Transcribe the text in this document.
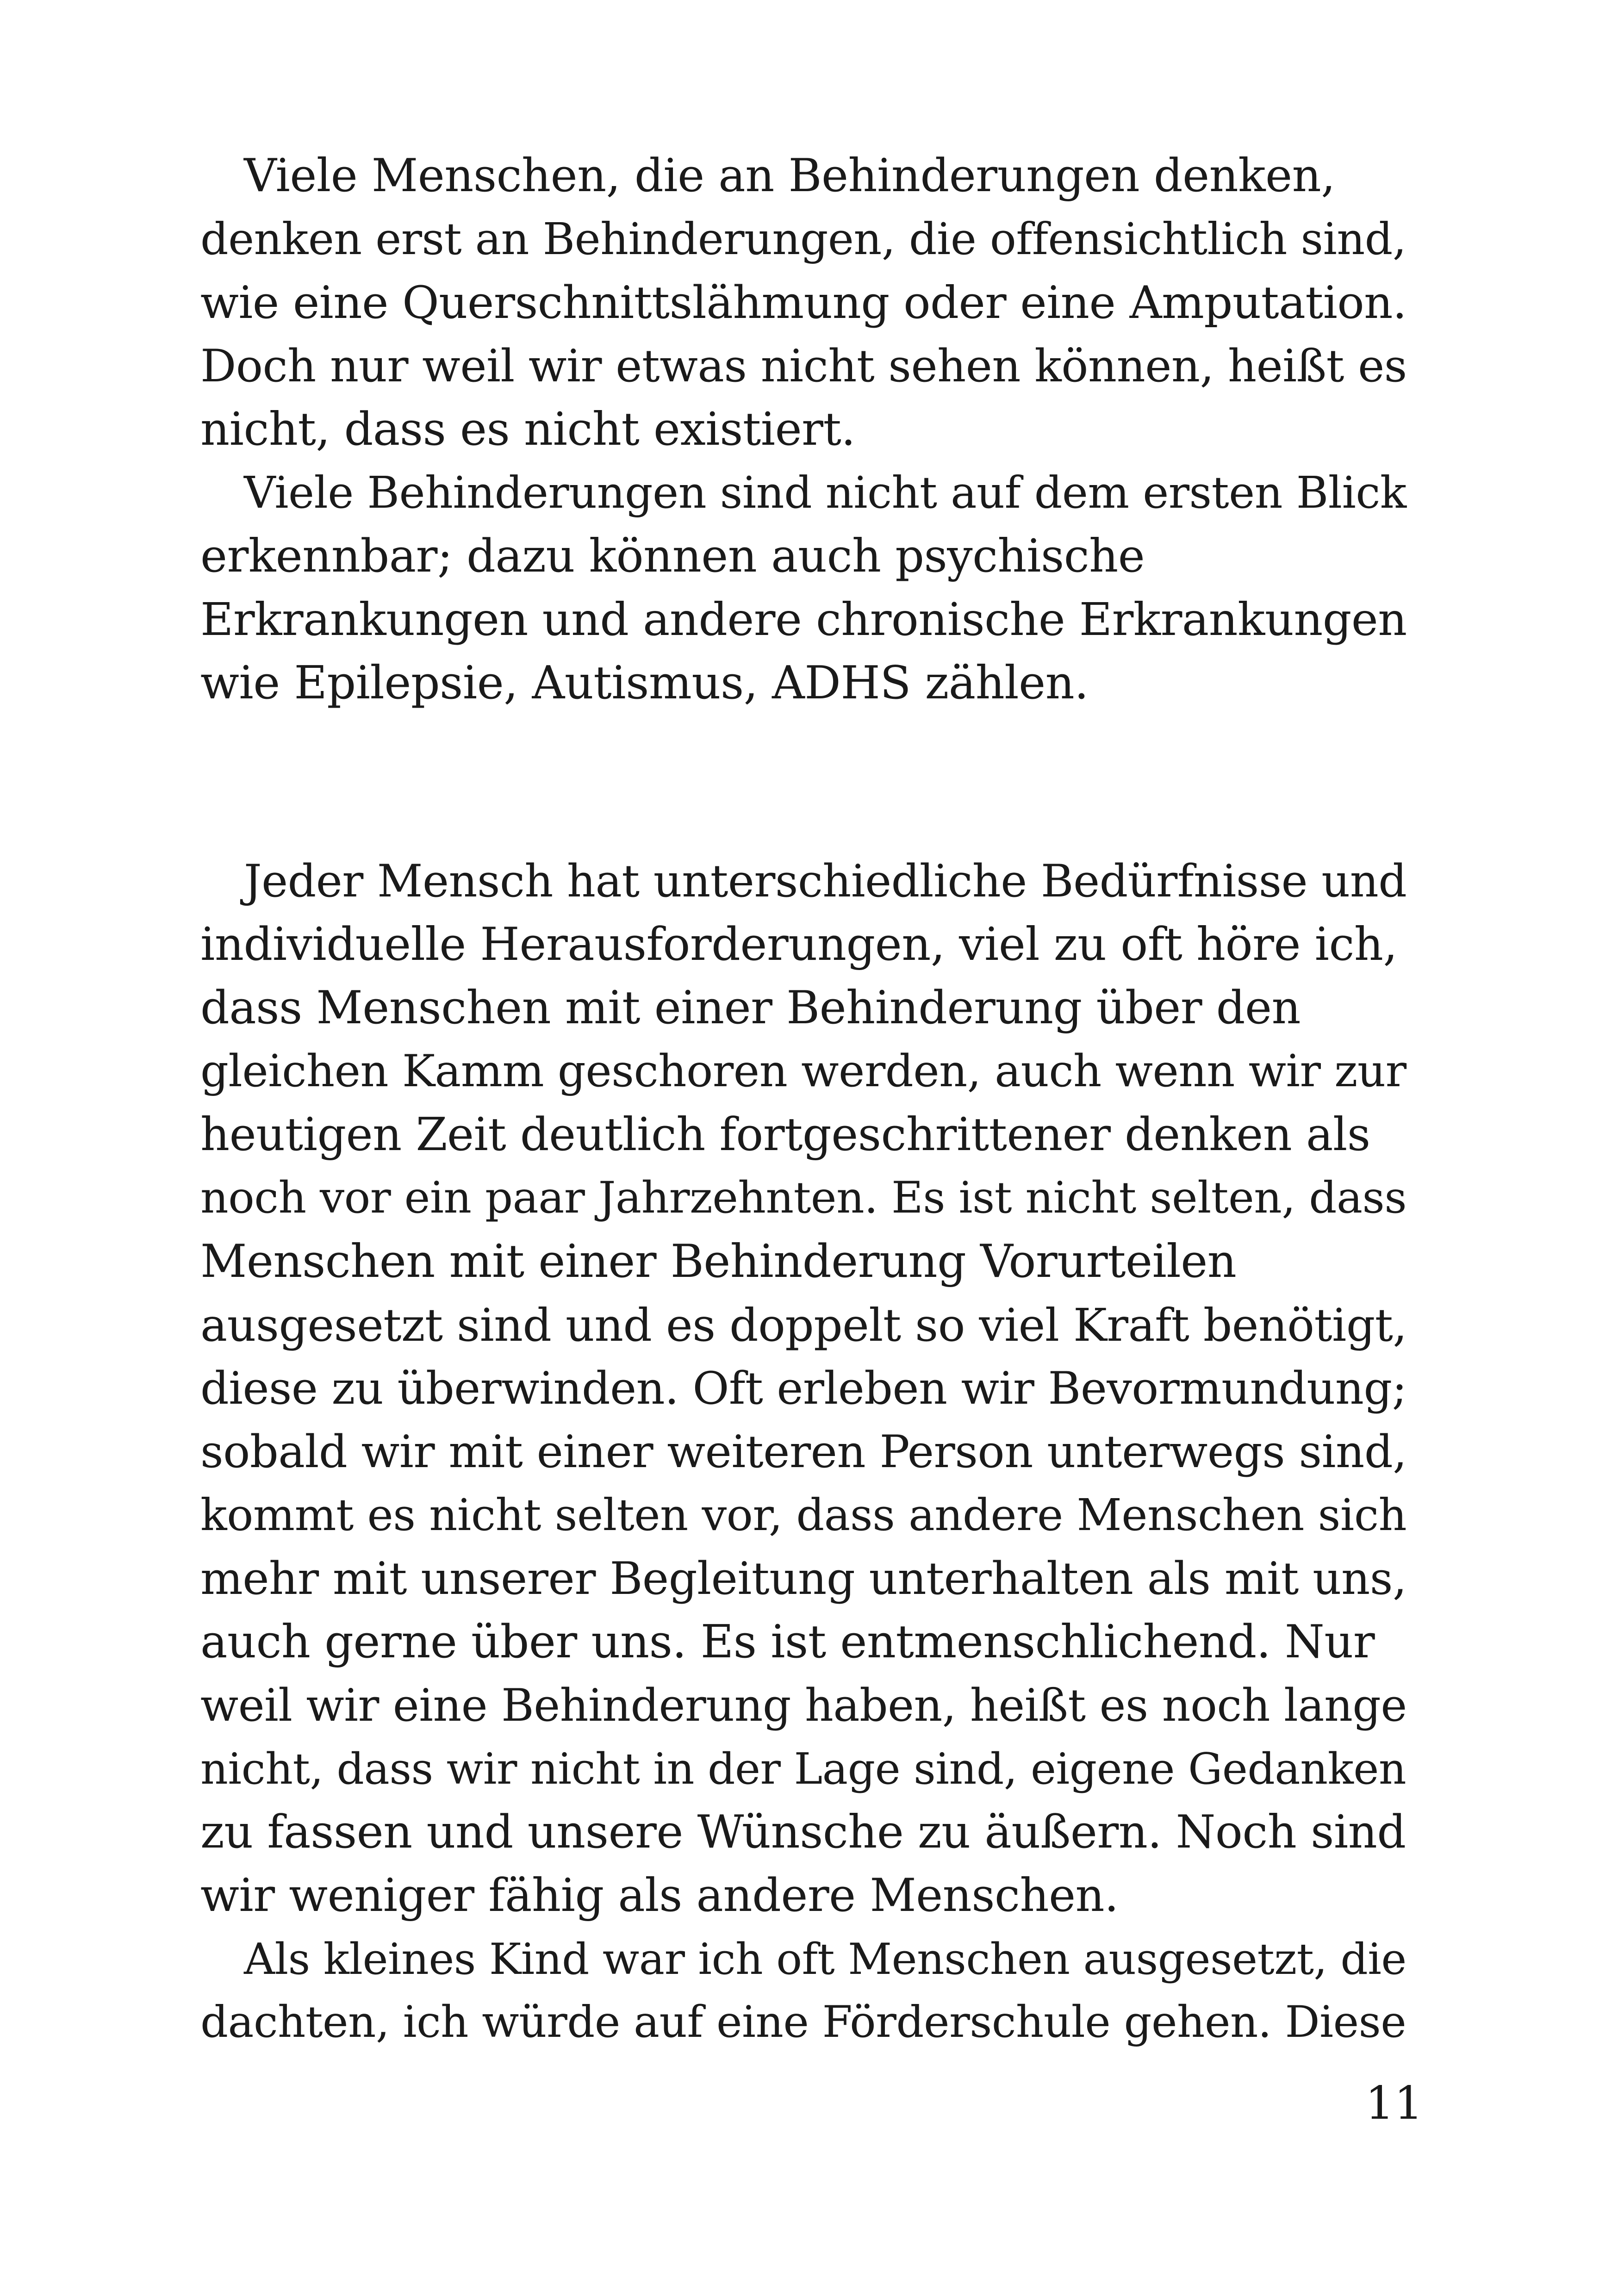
Viele Menschen, die an Behinderungen denken,
denken erst an Behinderungen, die offensichtlich sind,
wie eine Querschnittslähmung oder eine Amputation.
Doch nur weil wir etwas nicht sehen können, heißt es
nicht, dass es nicht existiert.
Viele Behinderungen sind nicht auf dem ersten Blick
erkennbar; dazu können auch psychische
Erkrankungen und andere chronische Erkrankungen
wie Epilepsie, Autismus, ADHS zählen.
Jeder Mensch hat unterschiedliche Bedürfnisse und
individuelle Herausforderungen, viel zu oft höre ich,
dass Menschen mit einer Behinderung über den
gleichen Kamm geschoren werden, auch wenn wir zur
heutigen Zeit deutlich fortgeschrittener denken als
noch vor ein paar Jahrzehnten. Es ist nicht selten, dass
Menschen mit einer Behinderung Vorurteilen
ausgesetzt sind und es doppelt so viel Kraft benötigt,
diese zu überwinden. Oft erleben wir Bevormundung;
sobald wir mit einer weiteren Person unterwegs sind,
kommt es nicht selten vor, dass andere Menschen sich
mehr mit unserer Begleitung unterhalten als mit uns,
auch gerne über uns. Es ist entmenschlichend. Nur
weil wir eine Behinderung haben, heißt es noch lange
nicht, dass wir nicht in der Lage sind, eigene Gedanken
zu fassen und unsere Wünsche zu äußern. Noch sind
wir weniger fähig als andere Menschen.
Als kleines Kind war ich oft Menschen ausgesetzt, die
dachten, ich würde auf eine Förderschule gehen. Diese
11
